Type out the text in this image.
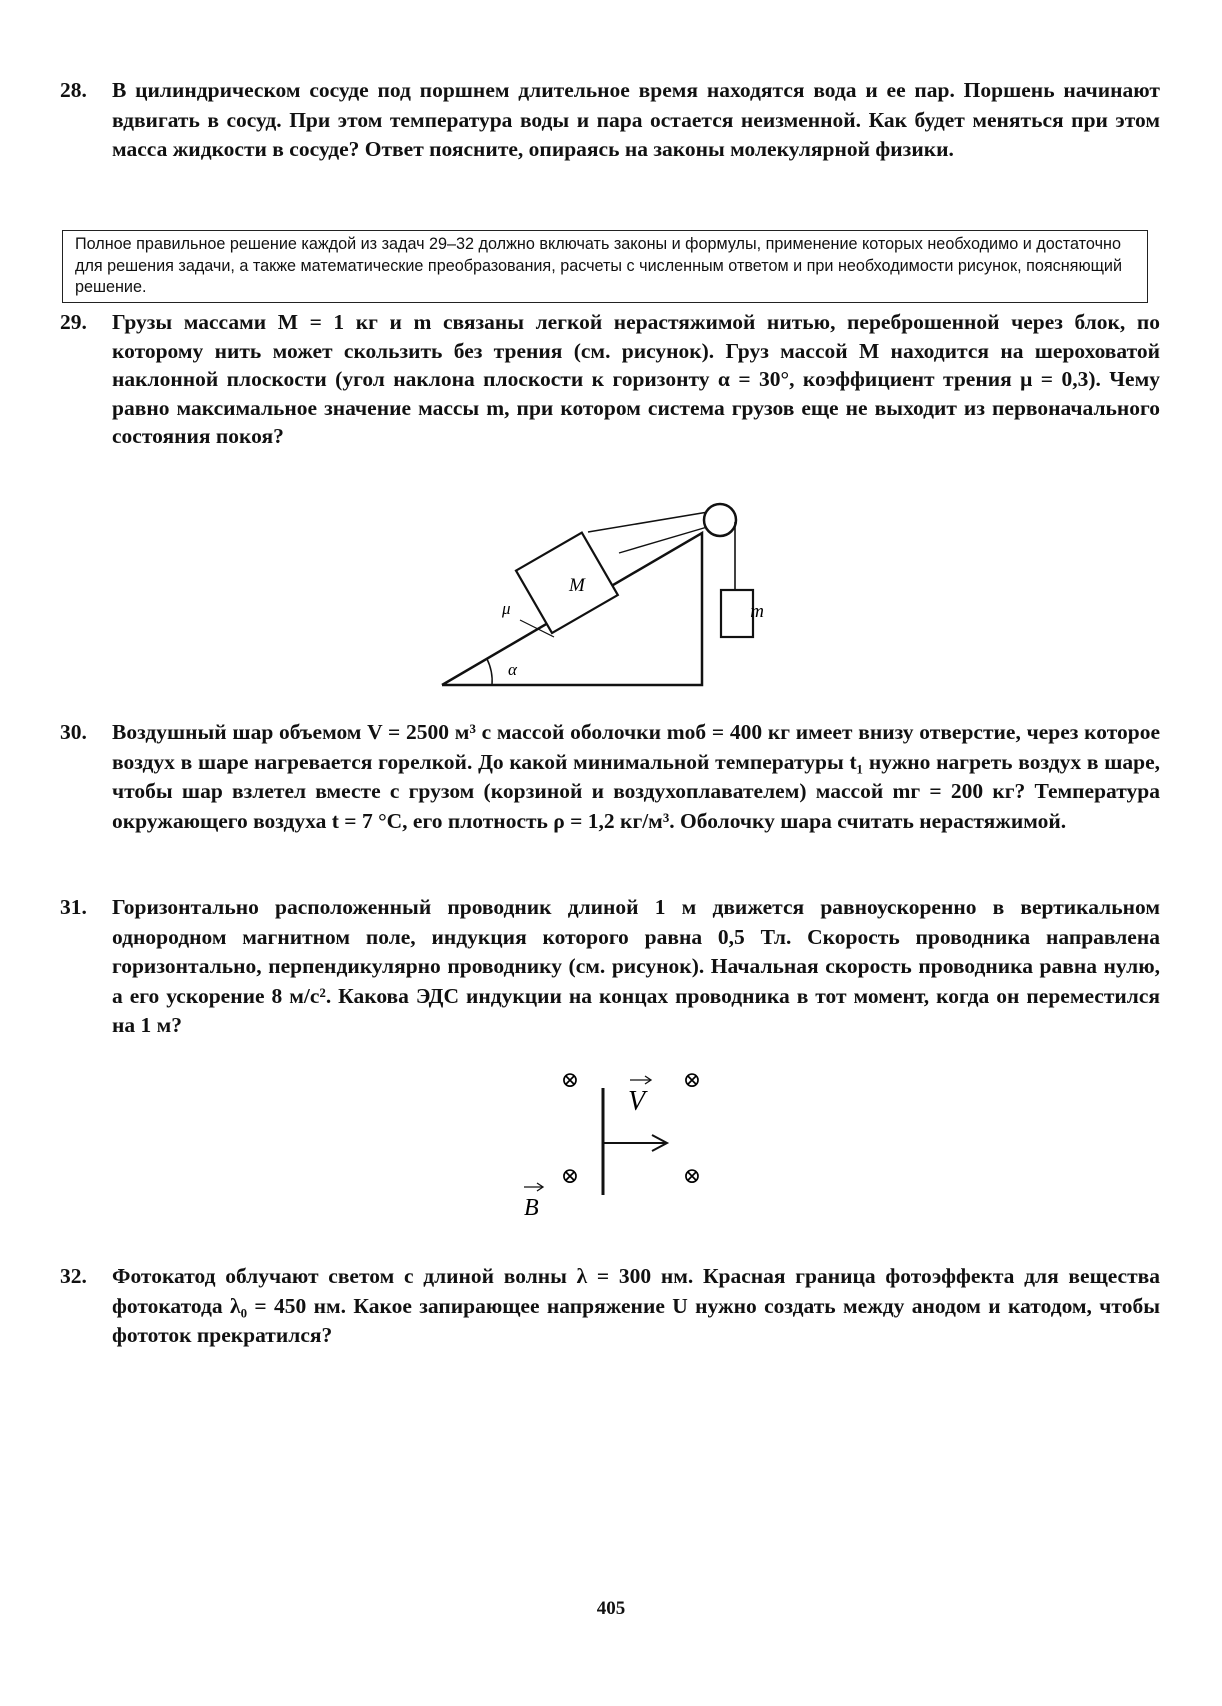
28. В цилиндрическом сосуде под поршнем длительное время находятся вода и ее пар. Поршень начинают вдвигать в сосуд. При этом температура воды и пара остается неизменной. Как будет меняться при этом масса жидкости в сосуде? Ответ поясните, опираясь на законы молекулярной физики.
Полное правильное решение каждой из задач 29–32 должно включать законы и формулы, применение которых необходимо и достаточно для решения задачи, а также математические преобразования, расчеты с численным ответом и при необходимости рисунок, поясняющий решение.
29. Грузы массами M = 1 кг и m связаны легкой нерастяжимой нитью, переброшенной через блок, по которому нить может скользить без трения (см. рисунок). Груз массой M находится на шероховатой наклонной плоскости (угол наклона плоскости к горизонту α = 30°, коэффициент трения μ = 0,3). Чему равно максимальное значение массы m, при котором система грузов еще не выходит из первоначального состояния покоя?
M
m
μ
α
30. Воздушный шар объемом V = 2500 м³ с массой оболочки mоб = 400 кг имеет внизу отверстие, через которое воздух в шаре нагревается горелкой. До какой минимальной температуры t₁ нужно нагреть воздух в шаре, чтобы шар взлетел вместе с грузом (корзиной и воздухоплавателем) массой mг = 200 кг? Температура окружающего воздуха t = 7 °C, его плотность ρ = 1,2 кг/м³. Оболочку шара считать нерастяжимой.
31. Горизонтально расположенный проводник длиной 1 м движется равноускоренно в вертикальном однородном магнитном поле, индукция которого равна 0,5 Тл. Скорость проводника направлена горизонтально, перпендикулярно проводнику (см. рисунок). Начальная скорость проводника равна нулю, а его ускорение 8 м/с². Какова ЭДС индукции на концах проводника в тот момент, когда он переместился на 1 м?
⊗	⊗
⊗	⊗
V
B
32. Фотокатод облучают светом с длиной волны λ = 300 нм. Красная граница фотоэффекта для вещества фотокатода λ₀ = 450 нм. Какое запирающее напряжение U нужно создать между анодом и катодом, чтобы фототок прекратился?
405
